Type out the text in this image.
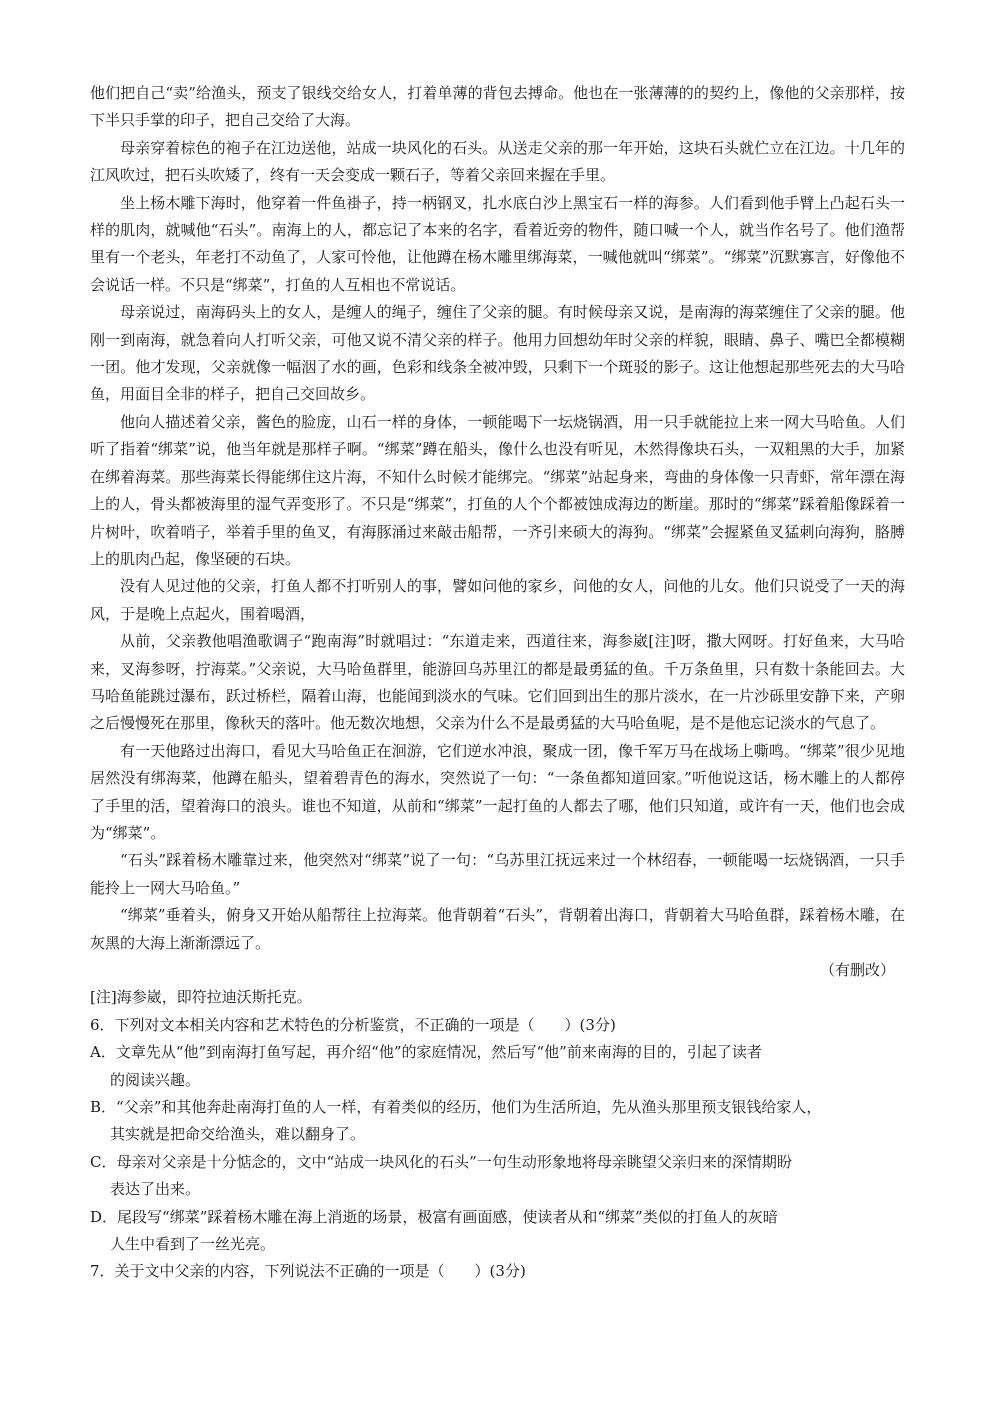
他们把自己“卖”给渔头，预支了银线交给女人，打着单薄的背包去搏命。他也在一张薄薄的的契约上，像他的父亲那样，按下半只手掌的印子，把自己交给了大海。

母亲穿着棕色的袍子在江边送他，站成一块风化的石头。从送走父亲的那一年开始，这块石头就伫立在江边。十几年的江风吹过，把石头吹矮了，终有一天会变成一颗石子，等着父亲回来握在手里。

坐上杨木雕下海时，他穿着一件鱼褂子，持一柄钢叉，扎水底白沙上黑宝石一样的海参。人们看到他手臂上凸起石头一样的肌肉，就喊他“石头”。南海上的人，都忘记了本来的名字，看着近旁的物件，随口喊一个人，就当作名号了。他们渔帮里有一个老头，年老打不动鱼了，人家可怜他，让他蹲在杨木雕里绑海菜，一喊他就叫“绑菜”。“绑菜”沉默寡言，好像他不会说话一样。不只是“绑菜”，打鱼的人互相也不常说话。

母亲说过，南海码头上的女人，是缠人的绳子，缠住了父亲的腿。有时候母亲又说，是南海的海菜缠住了父亲的腿。他刚一到南海，就急着向人打听父亲，可他又说不清父亲的样子。他用力回想幼年时父亲的样貌，眼睛、鼻子、嘴巴全都模糊一团。他才发现，父亲就像一幅洇了水的画，色彩和线条全被冲毁，只剩下一个斑驳的影子。这让他想起那些死去的大马哈鱼，用面目全非的样子，把自己交回故乡。

他向人描述着父亲，酱色的脸庞，山石一样的身体，一顿能喝下一坛烧锅酒，用一只手就能拉上来一网大马哈鱼。人们听了指着“绑菜”说，他当年就是那样子啊。“绑菜”蹲在船头，像什么也没有听见，木然得像块石头，一双粗黑的大手，加紧在绑着海菜。那些海菜长得能绑住这片海，不知什么时候才能绑完。“绑菜”站起身来，弯曲的身体像一只青虾，常年漂在海上的人，骨头都被海里的湿气弄变形了。不只是“绑菜”，打鱼的人个个都被蚀成海边的断崖。那时的“绑菜”踩着船像踩着一片树叶，吹着哨子，举着手里的鱼叉，有海豚涌过来敲击船帮，一齐引来硕大的海狗。“绑菜”会握紧鱼叉猛刺向海狗，胳膊上的肌肉凸起，像坚硬的石块。

没有人见过他的父亲，打鱼人都不打听别人的事，譬如问他的家乡，问他的女人，问他的儿女。他们只说受了一天的海风，于是晚上点起火，围着喝酒，

从前，父亲教他唱渔歌调子“跑南海”时就唱过：“东道走来，西道往来，海参崴[注]呀，撒大网呀。打好鱼来，大马哈来，叉海参呀，拧海菜。”父亲说，大马哈鱼群里，能游回乌苏里江的都是最勇猛的鱼。千万条鱼里，只有数十条能回去。大马哈鱼能跳过瀑布，跃过桥栏，隔着山海，也能闻到淡水的气味。它们回到出生的那片淡水，在一片沙砾里安静下来，产卵之后慢慢死在那里，像秋天的落叶。他无数次地想，父亲为什么不是最勇猛的大马哈鱼呢，是不是他忘记淡水的气息了。

有一天他路过出海口，看见大马哈鱼正在洄游，它们逆水冲浪，聚成一团，像千军万马在战场上嘶鸣。“绑菜”很少见地居然没有绑海菜，他蹲在船头，望着碧青色的海水，突然说了一句：“一条鱼都知道回家。”听他说这话，杨木雕上的人都停了手里的活，望着海口的浪头。谁也不知道，从前和“绑菜”一起打鱼的人都去了哪，他们只知道，或许有一天，他们也会成为“绑菜”。

“石头”踩着杨木雕靠过来，他突然对“绑菜”说了一句：“乌苏里江抚远来过一个林绍春，一顿能喝一坛烧锅酒，一只手能拎上一网大马哈鱼。”

“绑菜”垂着头，俯身又开始从船帮往上拉海菜。他背朝着“石头”，背朝着出海口，背朝着大马哈鱼群，踩着杨木雕，在灰黑的大海上渐渐漂远了。

（有删改）

[注]海参崴，即符拉迪沃斯托克。

6．下列对文本相关内容和艺术特色的分析鉴赏，不正确的一项是（　　）(3分)

A．文章先从“他”到南海打鱼写起，再介绍“他”的家庭情况，然后写“他”前来南海的目的，引起了读者

的阅读兴趣。

B．“父亲”和其他奔赴南海打鱼的人一样，有着类似的经历，他们为生活所迫，先从渔头那里预支银钱给家人，

其实就是把命交给渔头，难以翻身了。

C．母亲对父亲是十分惦念的，文中“站成一块风化的石头”一句生动形象地将母亲眺望父亲归来的深情期盼

表达了出来。

D．尾段写“绑菜”踩着杨木雕在海上消逝的场景，极富有画面感，使读者从和“绑菜”类似的打鱼人的灰暗

人生中看到了一丝光亮。

7．关于文中父亲的内容，下列说法不正确的一项是（　　）(3分)
